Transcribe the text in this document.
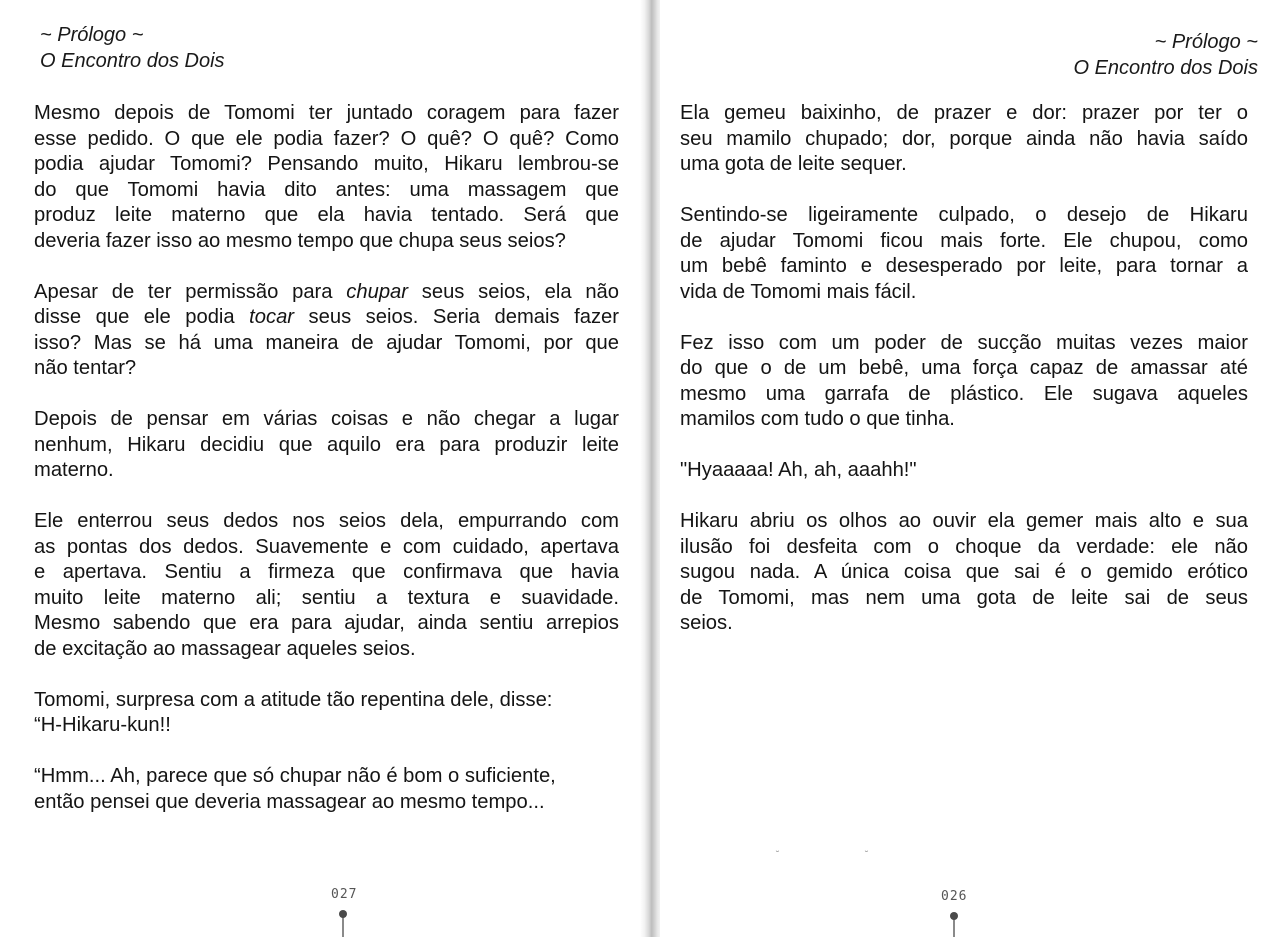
~ Prólogo ~
O Encontro dos Dois

Mesmo depois de Tomomi ter juntado coragem para fazer
esse pedido. O que ele podia fazer? O quê? O quê? Como
podia ajudar Tomomi? Pensando muito, Hikaru lembrou-se
do que Tomomi havia dito antes: uma massagem que
produz leite materno que ela havia tentado. Será que
deveria fazer isso ao mesmo tempo que chupa seus seios?

Apesar de ter permissão para chupar seus seios, ela não
disse que ele podia tocar seus seios. Seria demais fazer
isso? Mas se há uma maneira de ajudar Tomomi, por que
não tentar?

Depois de pensar em várias coisas e não chegar a lugar
nenhum, Hikaru decidiu que aquilo era para produzir leite
materno.

Ele enterrou seus dedos nos seios dela, empurrando com
as pontas dos dedos. Suavemente e com cuidado, apertava
e apertava. Sentiu a firmeza que confirmava que havia
muito leite materno ali; sentiu a textura e suavidade.
Mesmo sabendo que era para ajudar, ainda sentiu arrepios
de excitação ao massagear aqueles seios.

Tomomi, surpresa com a atitude tão repentina dele, disse:
“H-Hikaru-kun!!

“Hmm... Ah, parece que só chupar não é bom o suficiente,
então pensei que deveria massagear ao mesmo tempo...

027
~ Prólogo ~
O Encontro dos Dois

Ela gemeu baixinho, de prazer e dor: prazer por ter o
seu mamilo chupado; dor, porque ainda não havia saído
uma gota de leite sequer.

Sentindo-se ligeiramente culpado, o desejo de Hikaru
de ajudar Tomomi ficou mais forte. Ele chupou, como
um bebê faminto e desesperado por leite, para tornar a
vida de Tomomi mais fácil.

Fez isso com um poder de sucção muitas vezes maior
do que o de um bebê, uma força capaz de amassar até
mesmo uma garrafa de plástico. Ele sugava aqueles
mamilos com tudo o que tinha.

"Hyaaaaa! Ah, ah, aaahh!"

Hikaru abriu os olhos ao ouvir ela gemer mais alto e sua
ilusão foi desfeita com o choque da verdade: ele não
sugou nada. A única coisa que sai é o gemido erótico
de Tomomi, mas nem uma gota de leite sai de seus
seios.

˘	˘
026
